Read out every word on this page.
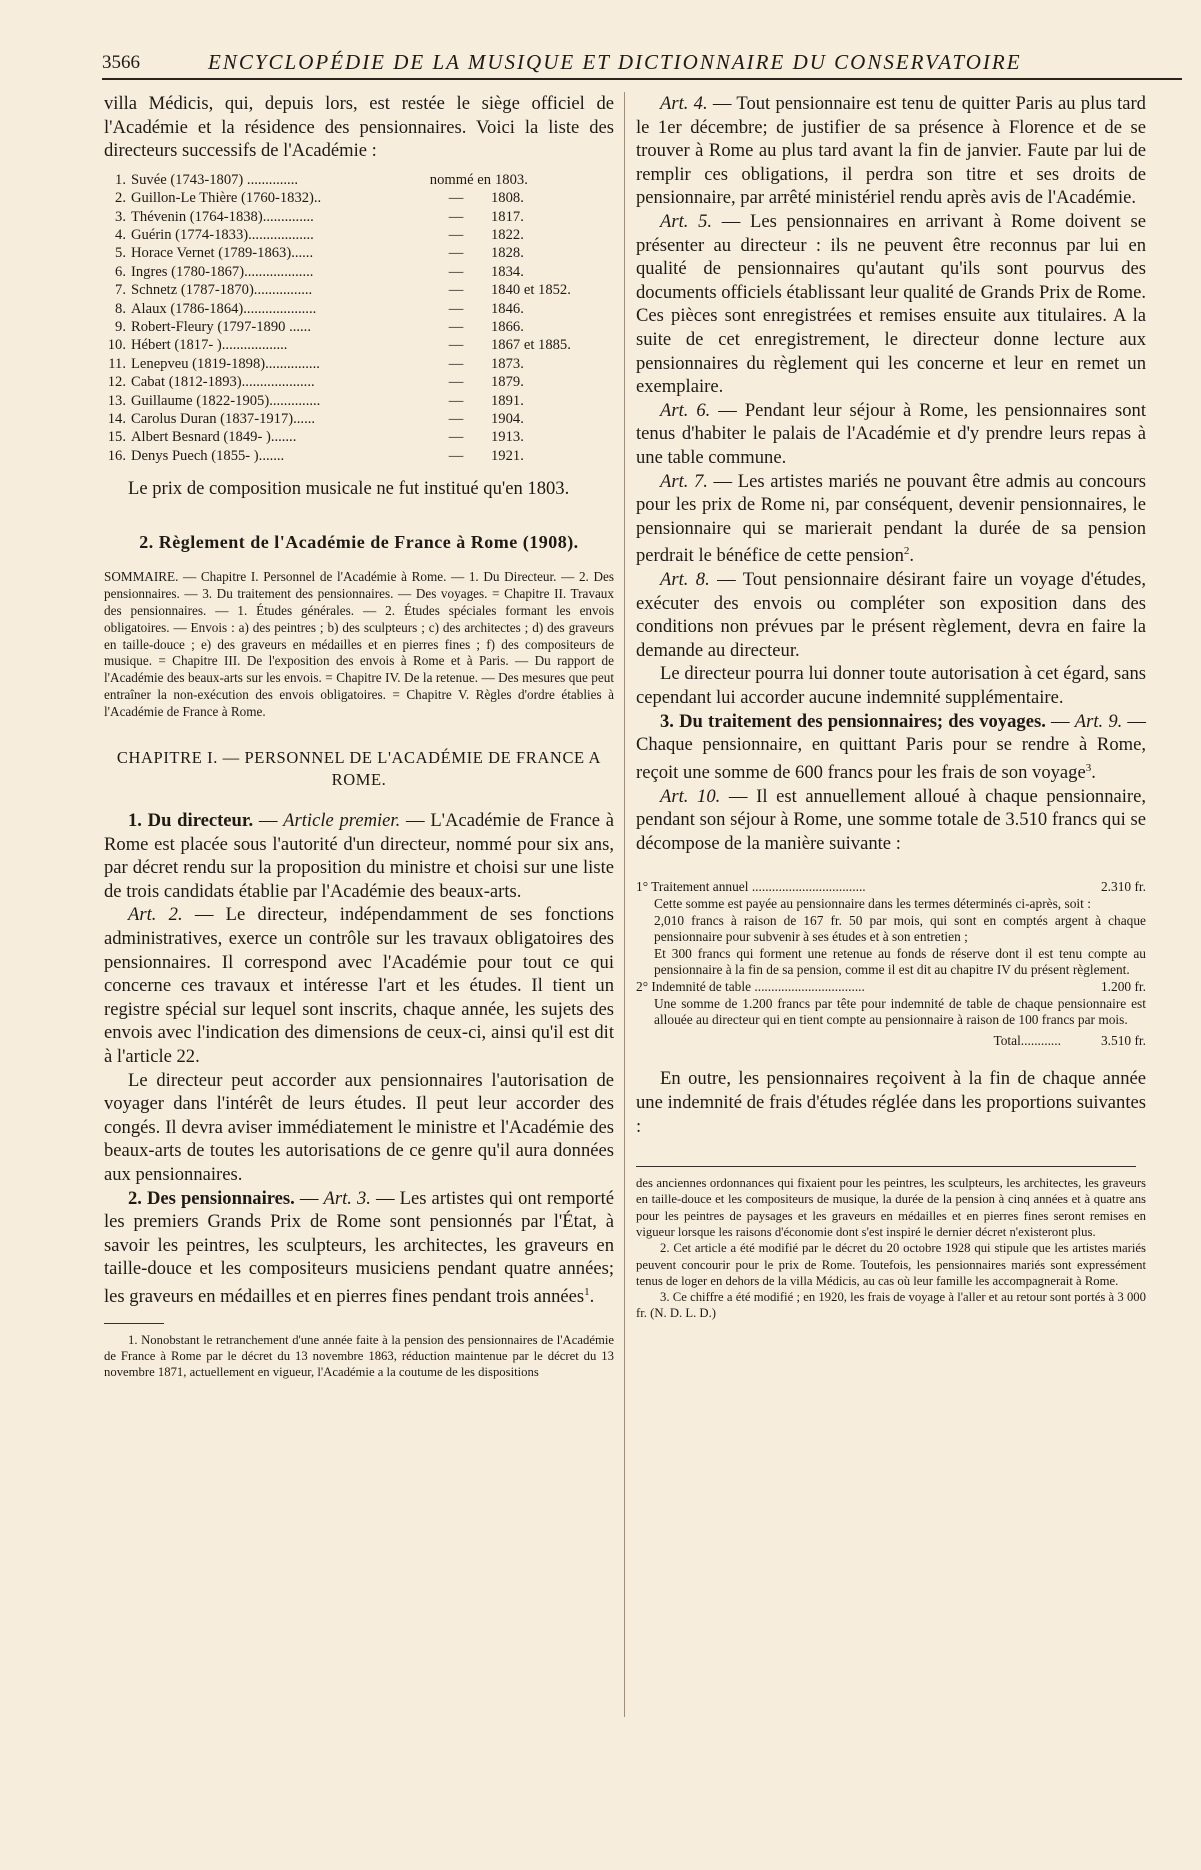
3566	ENCYCLOPÉDIE DE LA MUSIQUE ET DICTIONNAIRE DU CONSERVATOIRE

villa Médicis, qui, depuis lors, est restée le siège officiel de l'Académie et la résidence des pensionnaires. Voici la liste des directeurs successifs de l'Académie :

1. Suvée (1743-1807) ..............	nommé en 1803.
2. Guillon-Le Thière (1760-1832)..	—	1808.
3. Thévenin (1764-1838)..............	—	1817.
4. Guérin (1774-1833)..................	—	1822.
5. Horace Vernet (1789-1863)......	—	1828.
6. Ingres (1780-1867)...................	—	1834.
7. Schnetz (1787-1870)................	—	1840 et 1852.
8. Alaux (1786-1864)....................	—	1846.
9. Robert-Fleury (1797-1890 ......	—	1866.
10. Hébert (1817- )..................	—	1867 et 1885.
11. Lenepveu (1819-1898)...............	—	1873.
12. Cabat (1812-1893)....................	—	1879.
13. Guillaume (1822-1905)..............	—	1891.
14. Carolus Duran (1837-1917)......	—	1904.
15. Albert Besnard (1849- ).......	—	1913.
16. Denys Puech (1855- ).......	—	1921.

Le prix de composition musicale ne fut institué qu'en 1803.

2. Règlement de l'Académie de France à Rome (1908).

SOMMAIRE. — Chapitre I. Personnel de l'Académie à Rome. — 1. Du Directeur. — 2. Des pensionnaires. — 3. Du traitement des pensionnaires. — Des voyages. = Chapitre II. Travaux des pensionnaires. — 1. Études générales. — 2. Études spéciales formant les envois obligatoires. — Envois : a) des peintres ; b) des sculpteurs ; c) des architectes ; d) des graveurs en taille-douce ; e) des graveurs en médailles et en pierres fines ; f) des compositeurs de musique. = Chapitre III. De l'exposition des envois à Rome et à Paris. — Du rapport de l'Académie des beaux-arts sur les envois. = Chapitre IV. De la retenue. — Des mesures que peut entraîner la non-exécution des envois obligatoires. = Chapitre V. Règles d'ordre établies à l'Académie de France à Rome.

CHAPITRE I. — PERSONNEL DE L'ACADÉMIE DE FRANCE A ROME.

1. Du directeur. — Article premier. — L'Académie de France à Rome est placée sous l'autorité d'un directeur, nommé pour six ans, par décret rendu sur la proposition du ministre et choisi sur une liste de trois candidats établie par l'Académie des beaux-arts.

Art. 2. — Le directeur, indépendamment de ses fonctions administratives, exerce un contrôle sur les travaux obligatoires des pensionnaires. Il correspond avec l'Académie pour tout ce qui concerne ces travaux et intéresse l'art et les études. Il tient un registre spécial sur lequel sont inscrits, chaque année, les sujets des envois avec l'indication des dimensions de ceux-ci, ainsi qu'il est dit à l'article 22.

Le directeur peut accorder aux pensionnaires l'autorisation de voyager dans l'intérêt de leurs études. Il peut leur accorder des congés. Il devra aviser immédiatement le ministre et l'Académie des beaux-arts de toutes les autorisations de ce genre qu'il aura données aux pensionnaires.

2. Des pensionnaires. — Art. 3. — Les artistes qui ont remporté les premiers Grands Prix de Rome sont pensionnés par l'État, à savoir les peintres, les sculpteurs, les architectes, les graveurs en taille-douce et les compositeurs musiciens pendant quatre années; les graveurs en médailles et en pierres fines pendant trois années$^1$.

1. Nonobstant le retranchement d'une année faite à la pension des pensionnaires de l'Académie de France à Rome par le décret du 13 novembre 1863, réduction maintenue par le décret du 13 novembre 1871, actuellement en vigueur, l'Académie a la coutume de les dispositions

Art. 4. — Tout pensionnaire est tenu de quitter Paris au plus tard le 1er décembre; de justifier de sa présence à Florence et de se trouver à Rome au plus tard avant la fin de janvier. Faute par lui de remplir ces obligations, il perdra son titre et ses droits de pensionnaire, par arrêté ministériel rendu après avis de l'Académie.

Art. 5. — Les pensionnaires en arrivant à Rome doivent se présenter au directeur : ils ne peuvent être reconnus par lui en qualité de pensionnaires qu'autant qu'ils sont pourvus des documents officiels établissant leur qualité de Grands Prix de Rome. Ces pièces sont enregistrées et remises ensuite aux titulaires. A la suite de cet enregistrement, le directeur donne lecture aux pensionnaires du règlement qui les concerne et leur en remet un exemplaire.

Art. 6. — Pendant leur séjour à Rome, les pensionnaires sont tenus d'habiter le palais de l'Académie et d'y prendre leurs repas à une table commune.

Art. 7. — Les artistes mariés ne pouvant être admis au concours pour les prix de Rome ni, par conséquent, devenir pensionnaires, le pensionnaire qui se marierait pendant la durée de sa pension perdrait le bénéfice de cette pension$^2$.

Art. 8. — Tout pensionnaire désirant faire un voyage d'études, exécuter des envois ou compléter son exposition dans des conditions non prévues par le présent règlement, devra en faire la demande au directeur.

Le directeur pourra lui donner toute autorisation à cet égard, sans cependant lui accorder aucune indemnité supplémentaire.

3. Du traitement des pensionnaires; des voyages. — Art. 9. — Chaque pensionnaire, en quittant Paris pour se rendre à Rome, reçoit une somme de 600 francs pour les frais de son voyage$^3$.

Art. 10. — Il est annuellement alloué à chaque pensionnaire, pendant son séjour à Rome, une somme totale de 3.510 francs qui se décompose de la manière suivante :

1° Traitement annuel ..................................	2.310 fr.

Cette somme est payée au pensionnaire dans les termes déterminés ci-après, soit :

2,010 francs à raison de 167 fr. 50 par mois, qui sont en comptés argent à chaque pensionnaire pour subvenir à ses études et à son entretien ;

Et 300 francs qui forment une retenue au fonds de réserve dont il est tenu compte au pensionnaire à la fin de sa pension, comme il est dit au chapitre IV du présent règlement.

2° Indemnité de table .................................	1.200 fr.

Une somme de 1.200 francs par tête pour indemnité de table de chaque pensionnaire est allouée au directeur qui en tient compte au pensionnaire à raison de 100 francs par mois.

Total............	3.510 fr.

En outre, les pensionnaires reçoivent à la fin de chaque année une indemnité de frais d'études réglée dans les proportions suivantes :

des anciennes ordonnances qui fixaient pour les peintres, les sculpteurs, les architectes, les graveurs en taille-douce et les compositeurs de musique, la durée de la pension à cinq années et à quatre ans pour les peintres de paysages et les graveurs en médailles et en pierres fines seront remises en vigueur lorsque les raisons d'économie dont s'est inspiré le dernier décret n'existeront plus.

2. Cet article a été modifié par le décret du 20 octobre 1928 qui stipule que les artistes mariés peuvent concourir pour le prix de Rome. Toutefois, les pensionnaires mariés sont expressément tenus de loger en dehors de la villa Médicis, au cas où leur famille les accompagnerait à Rome.

3. Ce chiffre a été modifié ; en 1920, les frais de voyage à l'aller et au retour sont portés à 3 000 fr. (N. D. L. D.)
